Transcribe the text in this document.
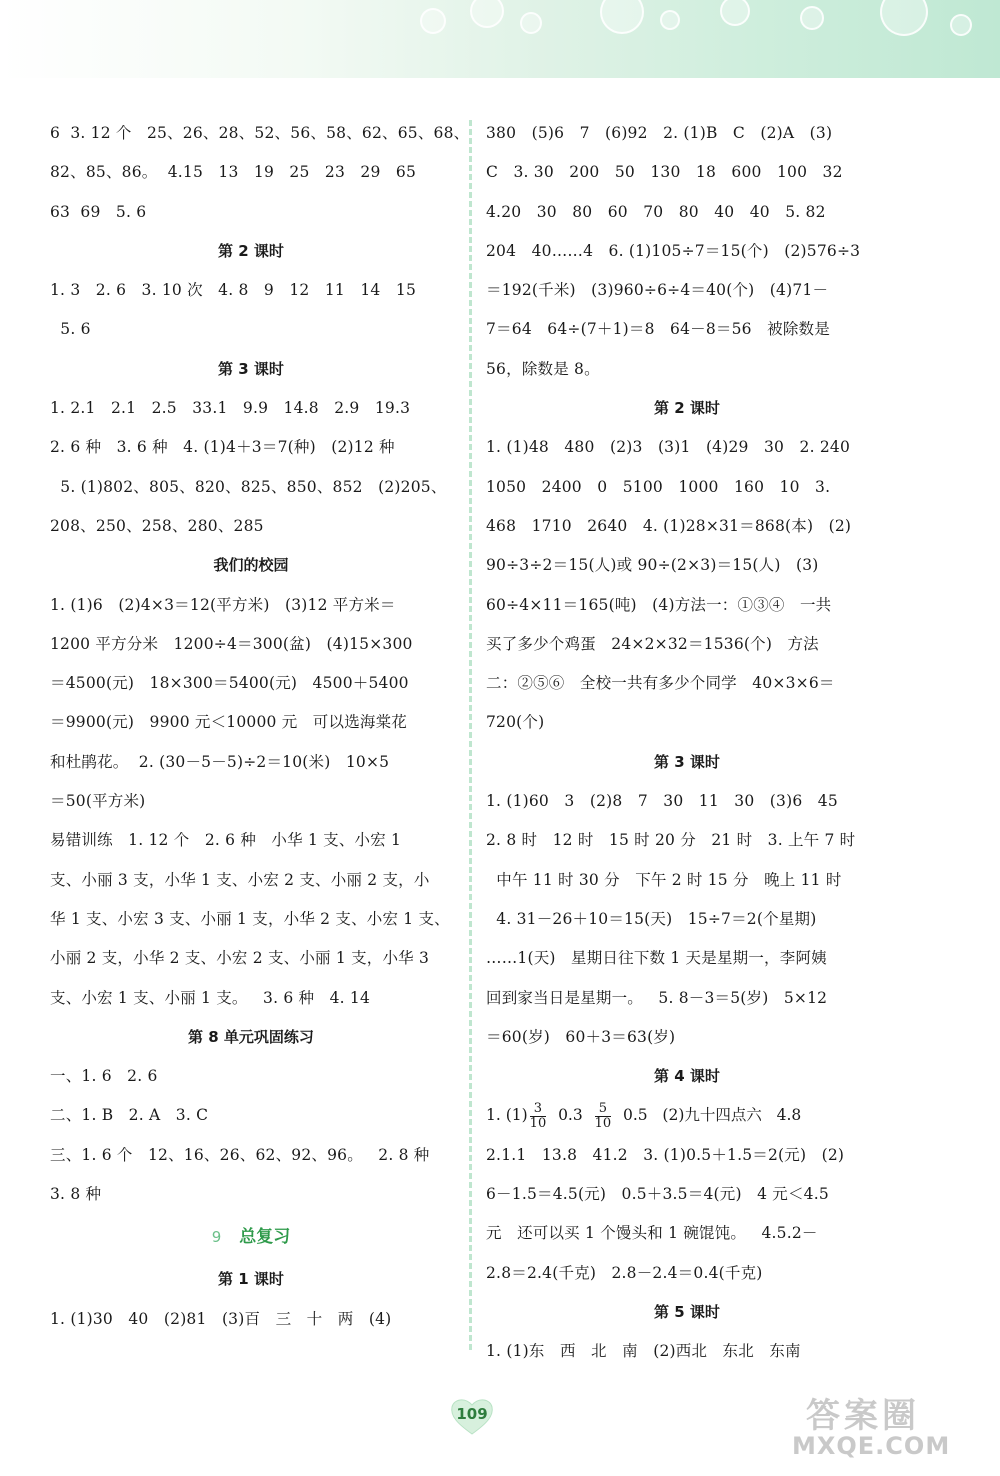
6  3. 12 个   25、26、28、52、56、58、62、65、68、
82、85、86。  4.15   13   19   25   23   29   65
63  69   5. 6
第 2 课时
1. 3   2. 6   3. 10 次   4. 8   9   12   11   14   15
5. 6
第 3 课时
1. 2.1   2.1   2.5   33.1   9.9   14.8   2.9   19.3
2. 6 种   3. 6 种   4. (1)4＋3＝7(种)   (2)12 种
5. (1)802、805、820、825、850、852   (2)205、
208、250、258、280、285
我们的校园
1. (1)6   (2)4×3＝12(平方米)   (3)12 平方米＝
1200 平方分米   1200÷4＝300(盆)   (4)15×300
＝4500(元)   18×300＝5400(元)   4500＋5400
＝9900(元)   9900 元＜10000 元   可以选海棠花
和杜鹃花。  2. (30－5－5)÷2＝10(米)   10×5
＝50(平方米)
易错训练   1. 12 个   2. 6 种   小华 1 支、小宏 1
支、小丽 3 支，小华 1 支、小宏 2 支、小丽 2 支，小
华 1 支、小宏 3 支、小丽 1 支，小华 2 支、小宏 1 支、
小丽 2 支，小华 2 支、小宏 2 支、小丽 1 支，小华 3
支、小宏 1 支、小丽 1 支。   3. 6 种   4. 14
第 8 单元巩固练习
一、1. 6   2. 6
二、1. B   2. A   3. C
三、1. 6 个   12、16、26、62、92、96。   2. 8 种
3. 8 种
9 总复习
第 1 课时
1. (1)30   40   (2)81   (3)百   三   十   两   (4)
380   (5)6   7   (6)92   2. (1)B   C   (2)A   (3)
C   3. 30   200   50   130   18   600   100   32
4.20   30   80   60   70   80   40   40   5. 82
204   40……4   6. (1)105÷7＝15(个)   (2)576÷3
＝192(千米)   (3)960÷6÷4＝40(个)   (4)71－
7＝64   64÷(7＋1)＝8   64－8＝56   被除数是
56，除数是 8。
第 2 课时
1. (1)48   480   (2)3   (3)1   (4)29   30   2. 240
1050   2400   0   5100   1000   160   10   3.
468   1710   2640   4. (1)28×31＝868(本)   (2)
90÷3÷2＝15(人)或 90÷(2×3)＝15(人)   (3)
60÷4×11＝165(吨)   (4)方法一：①③④   一共
买了多少个鸡蛋   24×2×32＝1536(个)   方法
二：②⑤⑥   全校一共有多少个同学   40×3×6＝
720(个)
第 3 课时
1. (1)60   3   (2)8   7   30   11   30   (3)6   45
2. 8 时   12 时   15 时 20 分   21 时   3. 上午 7 时
中午 11 时 30 分   下午 2 时 15 分   晚上 11 时
4. 31－26＋10＝15(天)   15÷7＝2(个星期)
……1(天)   星期日往下数 1 天是星期一，李阿姨
回到家当日是星期一。   5. 8－3＝5(岁)   5×12
＝60(岁)   60＋3＝63(岁)
第 4 课时
1. $(1) \frac{3}{10} 0.3 \frac{5}{10} 0.5$   (2)九十四点六   4.8
2.1.1   13.8   41.2   3. (1)0.5＋1.5＝2(元)   (2)
6－1.5＝4.5(元)   0.5＋3.5＝4(元)   4 元＜4.5
元   还可以买 1 个馒头和 1 碗馄饨。   4.5.2－
2.8＝2.4(千克)   2.8－2.4＝0.4(千克)
第 5 课时
1. (1)东   西   北   南   (2)西北   东北   东南
109	答案圈
MXQE.COM
